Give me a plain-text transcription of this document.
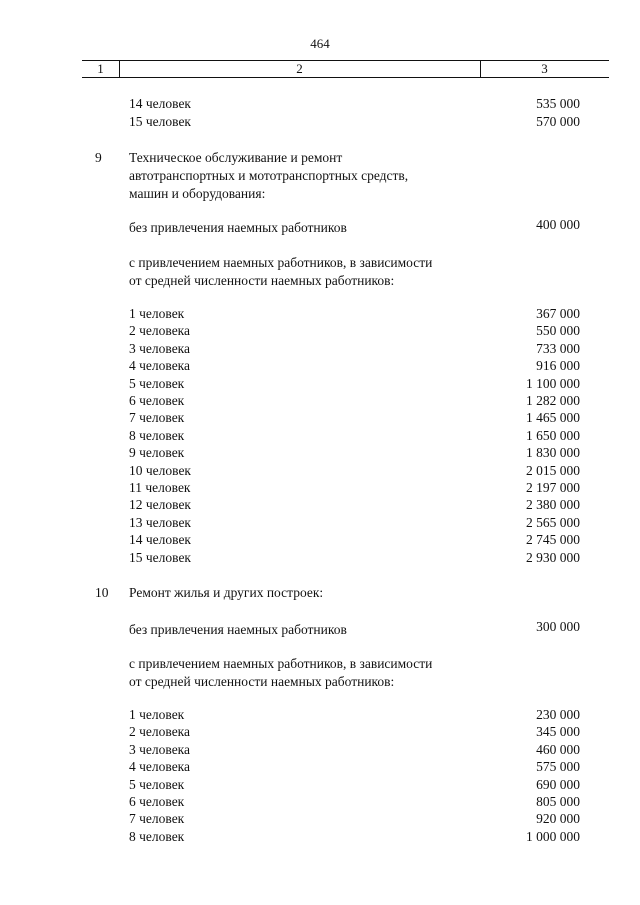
464
1	2	3
14 человек	535 000
15 человек	570 000
9 Техническое обслуживание и ремонт
автотранспортных и мототранспортных средств,
машин и оборудования:
без привлечения наемных работников	400 000
с привлечением наемных работников, в зависимости
от средней численности наемных работников:
1 человек	367 000
2 человека	550 000
3 человека	733 000
4 человека	916 000
5 человек	1 100 000
6 человек	1 282 000
7 человек	1 465 000
8 человек	1 650 000
9 человек	1 830 000
10 человек	2 015 000
11 человек	2 197 000
12 человек	2 380 000
13 человек	2 565 000
14 человек	2 745 000
15 человек	2 930 000
10 Ремонт жилья и других построек:
без привлечения наемных работников	300 000
с привлечением наемных работников, в зависимости
от средней численности наемных работников:
1 человек	230 000
2 человека	345 000
3 человека	460 000
4 человека	575 000
5 человек	690 000
6 человек	805 000
7 человек	920 000
8 человек	1 000 000
